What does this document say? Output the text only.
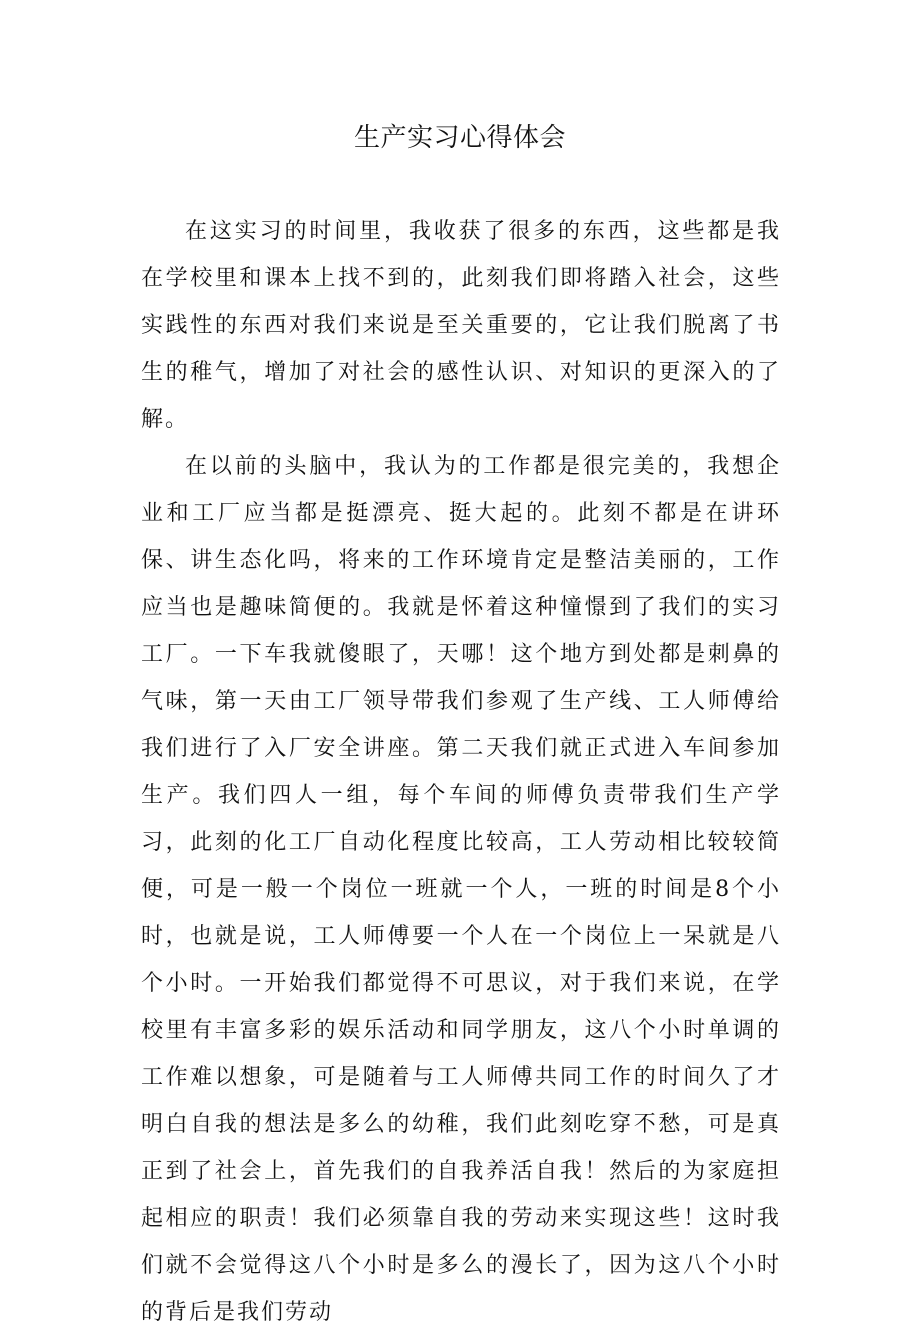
生产实习心得体会

在这实习的时间里，我收获了很多的东西，这些都是我在学校里和课本上找不到的，此刻我们即将踏入社会，这些实践性的东西对我们来说是至关重要的，它让我们脱离了书生的稚气，增加了对社会的感性认识、对知识的更深入的了解。

在以前的头脑中，我认为的工作都是很完美的，我想企业和工厂应当都是挺漂亮、挺大起的。此刻不都是在讲环保、讲生态化吗，将来的工作环境肯定是整洁美丽的，工作应当也是趣味简便的。我就是怀着这种憧憬到了我们的实习工厂。一下车我就傻眼了，天哪！这个地方到处都是刺鼻的气味，第一天由工厂领导带我们参观了生产线、工人师傅给我们进行了入厂安全讲座。第二天我们就正式进入车间参加生产。我们四人一组，每个车间的师傅负责带我们生产学习，此刻的化工厂自动化程度比较高，工人劳动相比较较简便，可是一般一个岗位一班就一个人，一班的时间是8个小时，也就是说，工人师傅要一个人在一个岗位上一呆就是八个小时。一开始我们都觉得不可思议，对于我们来说，在学校里有丰富多彩的娱乐活动和同学朋友，这八个小时单调的工作难以想象，可是随着与工人师傅共同工作的时间久了才明白自我的想法是多么的幼稚，我们此刻吃穿不愁，可是真正到了社会上，首先我们的自我养活自我！然后的为家庭担起相应的职责！我们必须靠自我的劳动来实现这些！这时我们就不会觉得这八个小时是多么的漫长了，因为这八个小时的背后是我们劳动
